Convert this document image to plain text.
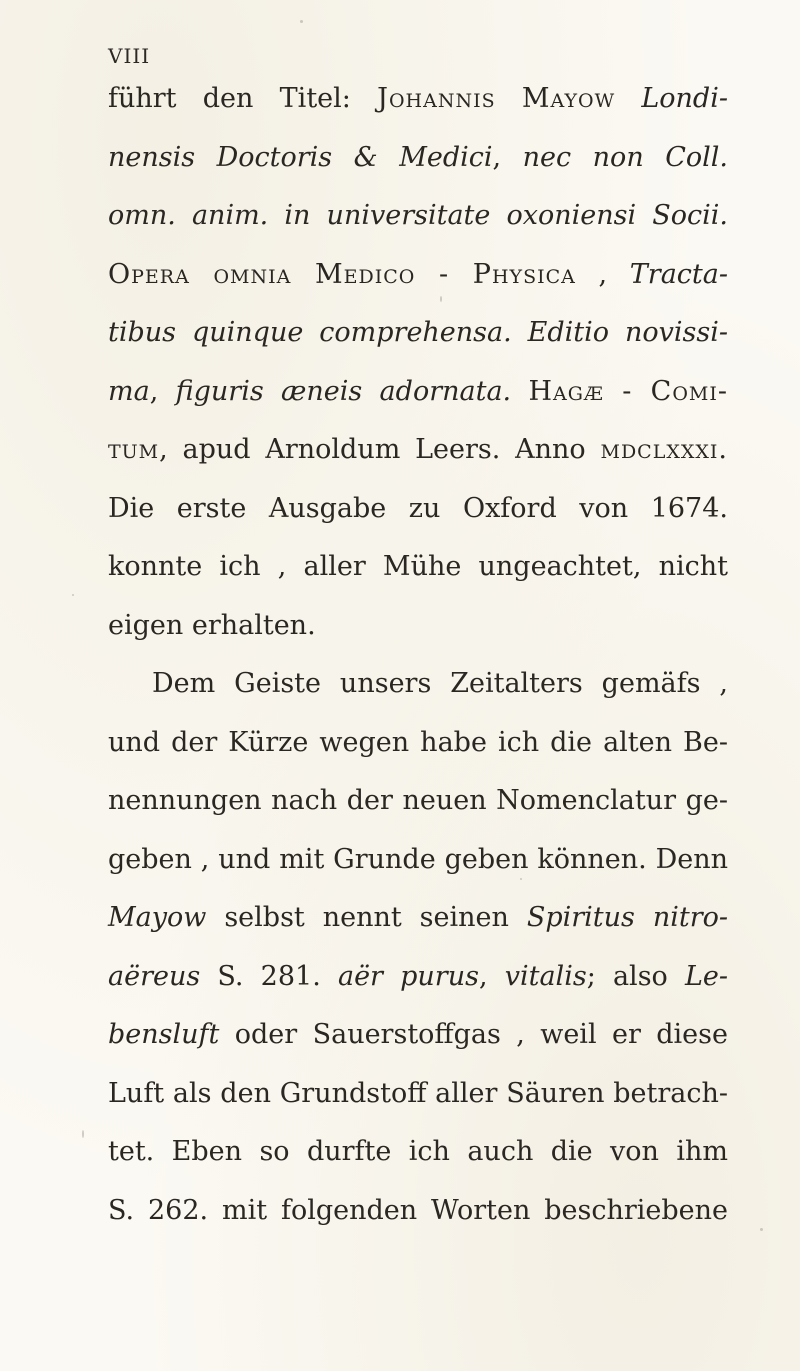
VIII
führt den Titel: Johannis Mayow Londi-
nensis Doctoris & Medici, nec non Coll.
omn. anim. in universitate oxoniensi Socii.
Opera omnia Medico - Physica , Tracta-
tibus quinque comprehensa. Editio novissi-
ma, figuris æneis adornata. Hagæ - Comi-
tum, apud Arnoldum Leers. Anno mdclxxxi.
Die erste Ausgabe zu Oxford von 1674.
konnte ich , aller Mühe ungeachtet, nicht
eigen erhalten.
Dem Geiste unsers Zeitalters gemäfs ,
und der Kürze wegen habe ich die alten Be-
nennungen nach der neuen Nomenclatur ge-
geben , und mit Grunde geben können. Denn
Mayow selbst nennt seinen Spiritus nitro-
aëreus S. 281. aër purus, vitalis; also Le-
bensluft oder Sauerstoffgas , weil er diese
Luft als den Grundstoff aller Säuren betrach-
tet. Eben so durfte ich auch die von ihm
S. 262. mit folgenden Worten beschriebene
